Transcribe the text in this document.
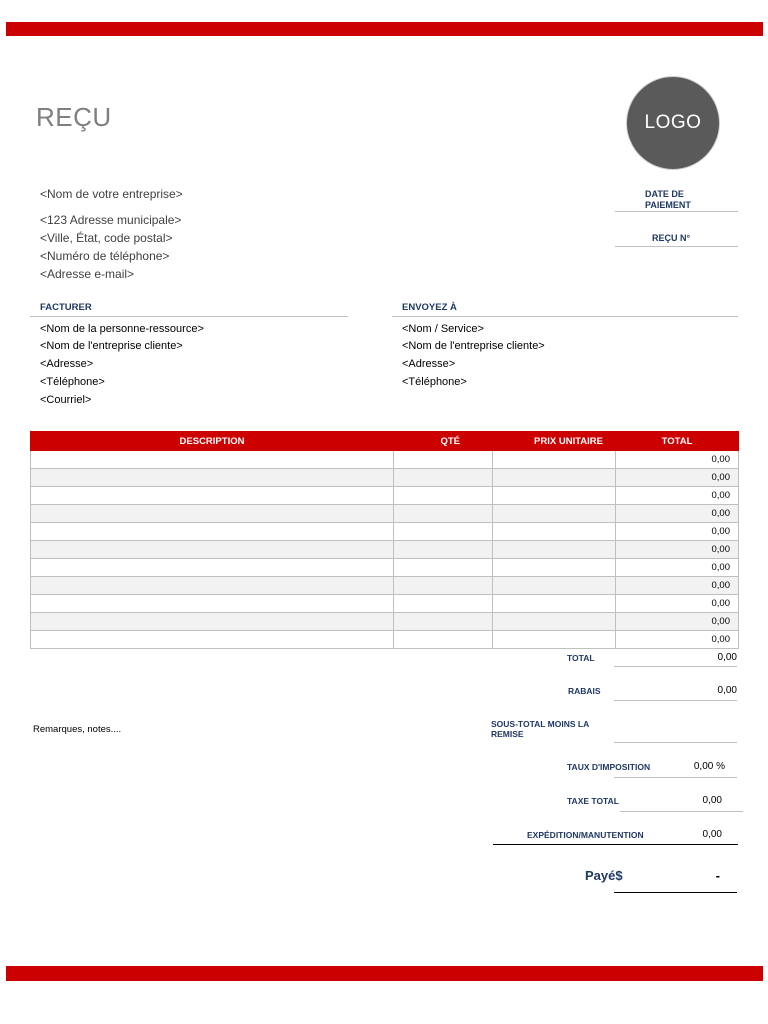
REÇU	LOGO
<Nom de votre entreprise>
<123 Adresse municipale>
<Ville, État, code postal>
<Numéro de téléphone>
<Adresse e-mail>
DATE DE PAIEMENT
REÇU N°
FACTURER
<Nom de la personne-ressource>
<Nom de l'entreprise cliente>
<Adresse>
<Téléphone>
<Courriel>
ENVOYEZ À
<Nom / Service>
<Nom de l'entreprise cliente>
<Adresse>
<Téléphone>
DESCRIPTION	QTÉ	PRIX UNITAIRE	TOTAL
			0,00
			0,00
			0,00
			0,00
			0,00
			0,00
			0,00
			0,00
			0,00
			0,00
			0,00
Remarques, notes....
TOTAL	0,00
RABAIS	0,00
SOUS-TOTAL MOINS LA REMISE
TAUX D'IMPOSITION	0,00 %
TAXE TOTAL	0,00
EXPÉDITION/MANUTENTION	0,00
Payé$	-
